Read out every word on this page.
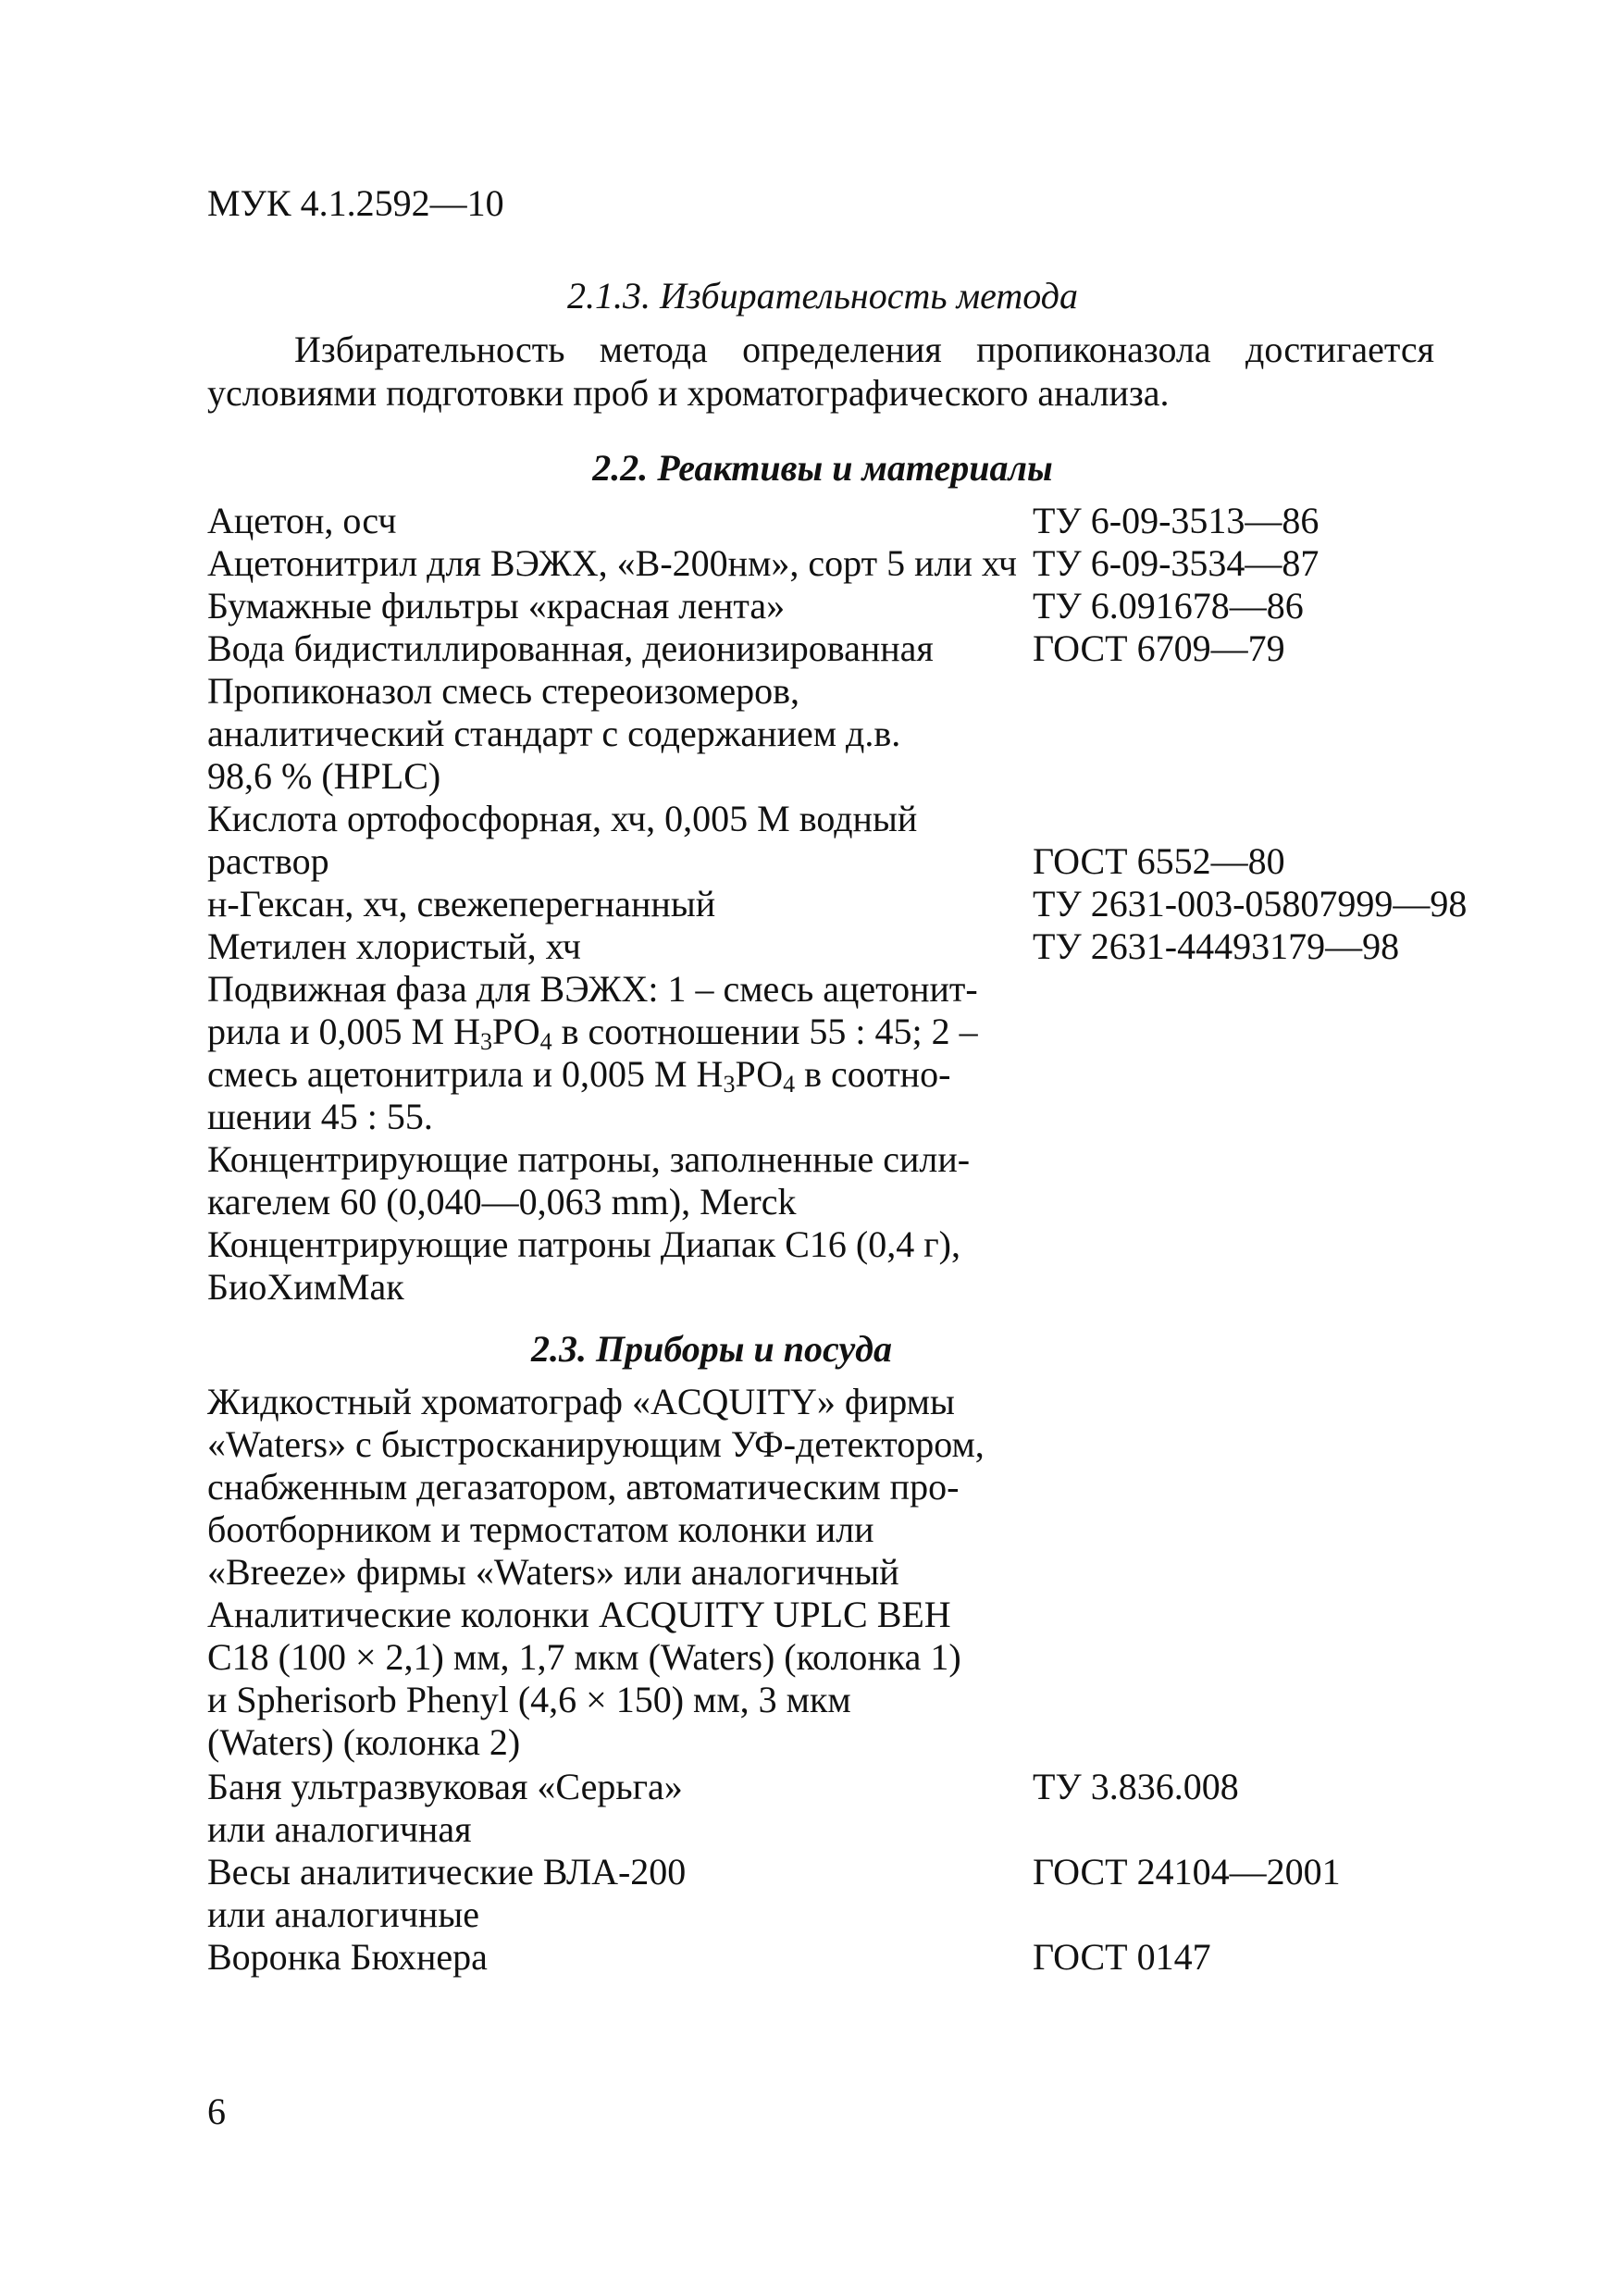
МУК 4.1.2592—10
2.1.3. Избирательность метода

Избирательность метода определения пропиконазола достигается

условиями подготовки проб и хроматографического анализа.
2.2. Реактивы и материалы
Ацетон, осч	ТУ 6-09-3513—86
Ацетонитрил для ВЭЖХ, «В-200нм», сорт 5 или хч ТУ 6-09-3534—87
Бумажные фильтры «красная лента»	ТУ 6.091678—86
Вода бидистиллированная, деионизированная	ГОСТ 6709—79
Пропиконазол смесь стереоизомеров,
аналитический стандарт с содержанием д.в.
98,6 % (HPLC)
Кислота ортофосфорная, хч, 0,005 М водный
раствор	ГОСТ 6552—80
н-Гексан, хч, свежеперегнанный	ТУ 2631-003-05807999—98
Метилен хлористый, хч	ТУ 2631-44493179—98
Подвижная фаза для ВЭЖХ: 1 – смесь ацетонит-
рила и 0,005 М $Н_3РО_4$ в соотношении 55 : 45; 2 –
смесь ацетонитрила и 0,005 М $Н_3РО_4$ в соотно-
шении 45 : 55.
Концентрирующие патроны, заполненные сили-
кагелем 60 (0,040—0,063 mm), Merck
Концентрирующие патроны Диапак С16 (0,4 г),
БиоХимМак
2.3. Приборы и посуда
Жидкостный хроматограф «ACQUITY» фирмы
«Waters» с быстросканирующим УФ-детектором,
снабженным дегазатором, автоматическим про-
боотборником и термостатом колонки или
«Breeze» фирмы «Waters» или аналогичный
Аналитические колонки ACQUITY UPLC BEH
C18 (100 × 2,1) мм, 1,7 мкм (Waters) (колонка 1)
и Spherisorb Phenyl (4,6 × 150) мм, 3 мкм
(Waters) (колонка 2)
Баня ультразвуковая «Серьга»	ТУ 3.836.008
или аналогичная
Весы аналитические ВЛА-200	ГОСТ 24104—2001
или аналогичные
Воронка Бюхнера	ГОСТ 0147
6
